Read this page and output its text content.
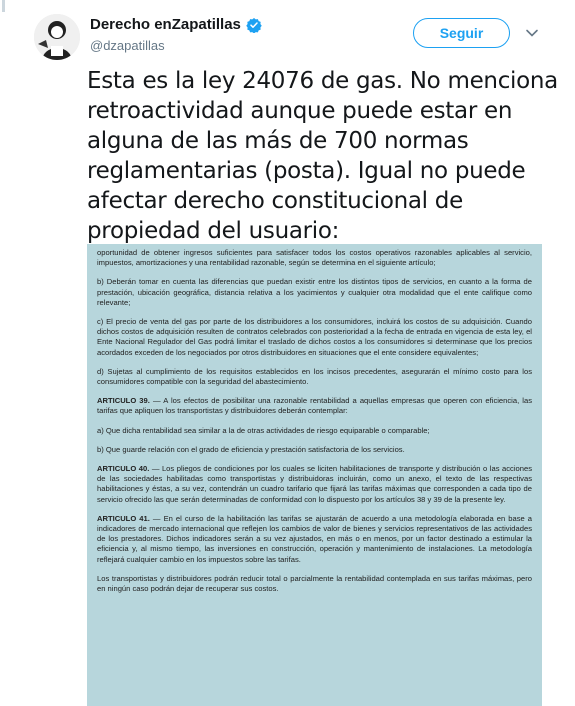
Derecho enZapatillas
@dzapatillas
Seguir
Esta es la ley 24076 de gas. No menciona retroactividad aunque puede estar en alguna de las más de 700 normas reglamentarias (posta). Igual no puede afectar derecho constitucional de propiedad del usuario:

oportunidad de obtener ingresos suficientes para satisfacer todos los costos operativos razonables aplicables al servicio, impuestos, amortizaciones y una rentabilidad razonable, según se determina en el siguiente artículo;

b) Deberán tomar en cuenta las diferencias que puedan existir entre los distintos tipos de servicios, en cuanto a la forma de prestación, ubicación geográfica, distancia relativa a los yacimientos y cualquier otra modalidad que el ente califique como relevante;

c) El precio de venta del gas por parte de los distribuidores a los consumidores, incluirá los costos de su adquisición. Cuando dichos costos de adquisición resulten de contratos celebrados con posterioridad a la fecha de entrada en vigencia de esta ley, el Ente Nacional Regulador del Gas podrá limitar el traslado de dichos costos a los consumidores si determinase que los precios acordados exceden de los negociados por otros distribuidores en situaciones que el ente considere equivalentes;

d) Sujetas al cumplimiento de los requisitos establecidos en los incisos precedentes, asegurarán el mínimo costo para los consumidores compatible con la seguridad del abastecimiento.

ARTICULO 39. — A los efectos de posibilitar una razonable rentabilidad a aquellas empresas que operen con eficiencia, las tarifas que apliquen los transportistas y distribuidores deberán contemplar:

a) Que dicha rentabilidad sea similar a la de otras actividades de riesgo equiparable o comparable;

b) Que guarde relación con el grado de eficiencia y prestación satisfactoria de los servicios.

ARTICULO 40. — Los pliegos de condiciones por los cuales se liciten habilitaciones de transporte y distribución o las acciones de las sociedades habilitadas como transportistas y distribuidoras incluirán, como un anexo, el texto de las respectivas habilitaciones y éstas, a su vez, contendrán un cuadro tarifario que fijará las tarifas máximas que corresponden a cada tipo de servicio ofrecido las que serán determinadas de conformidad con lo dispuesto por los artículos 38 y 39 de la presente ley.

ARTICULO 41. — En el curso de la habilitación las tarifas se ajustarán de acuerdo a una metodología elaborada en base a indicadores de mercado internacional que reflejen los cambios de valor de bienes y servicios representativos de las actividades de los prestadores. Dichos indicadores serán a su vez ajustados, en más o en menos, por un factor destinado a estimular la eficiencia y, al mismo tiempo, las inversiones en construcción, operación y mantenimiento de instalaciones. La metodología reflejará cualquier cambio en los impuestos sobre las tarifas.

Los transportistas y distribuidores podrán reducir total o parcialmente la rentabilidad contemplada en sus tarifas máximas, pero en ningún caso podrán dejar de recuperar sus costos.
